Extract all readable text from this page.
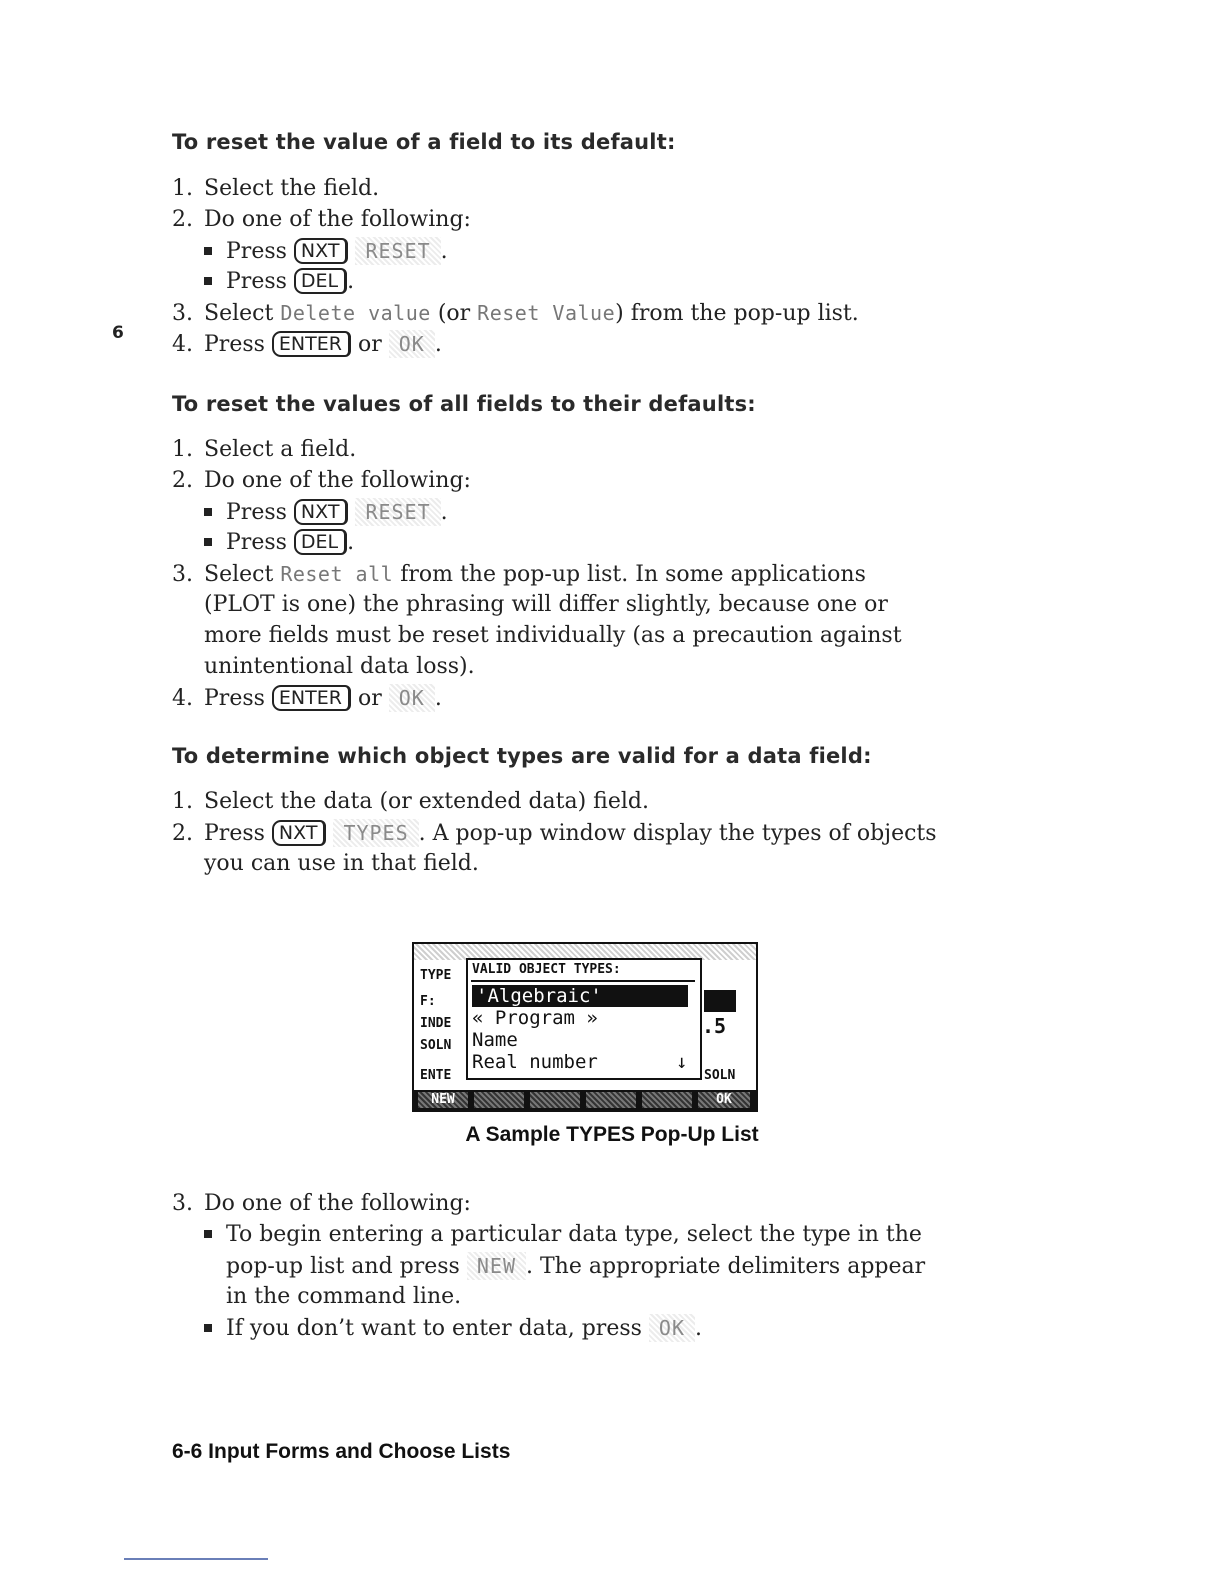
6
To reset the value of a field to its default:
1. Select the field.
2. Do one of the following:
Press NXT RESET .
Press DEL .
3. Select Delete value (or Reset Value) from the pop-up list.
4. Press ENTER or OK .
To reset the values of all fields to their defaults:
1. Select a field.
2. Do one of the following:
Press NXT RESET .
Press DEL .
3. Select Reset all from the pop-up list. In some applications
(PLOT is one) the phrasing will differ slightly, because one or
more fields must be reset individually (as a precaution against
unintentional data loss).
4. Press ENTER or OK .
To determine which object types are valid for a data field:
1. Select the data (or extended data) field.
2. Press NXT TYPES . A pop-up window display the types of objects
you can use in that field.
TYPE
F:
INDE
SOLN
ENTE
.5
SOLN
VALID OBJECT TYPES:
'Algebraic'
« Program »
Name
Real number	↓
NEW	OK
A Sample TYPES Pop-Up List
3. Do one of the following:
To begin entering a particular data type, select the type in the
pop-up list and press NEW . The appropriate delimiters appear
in the command line.
If you don’t want to enter data, press OK .
6-6 Input Forms and Choose Lists
